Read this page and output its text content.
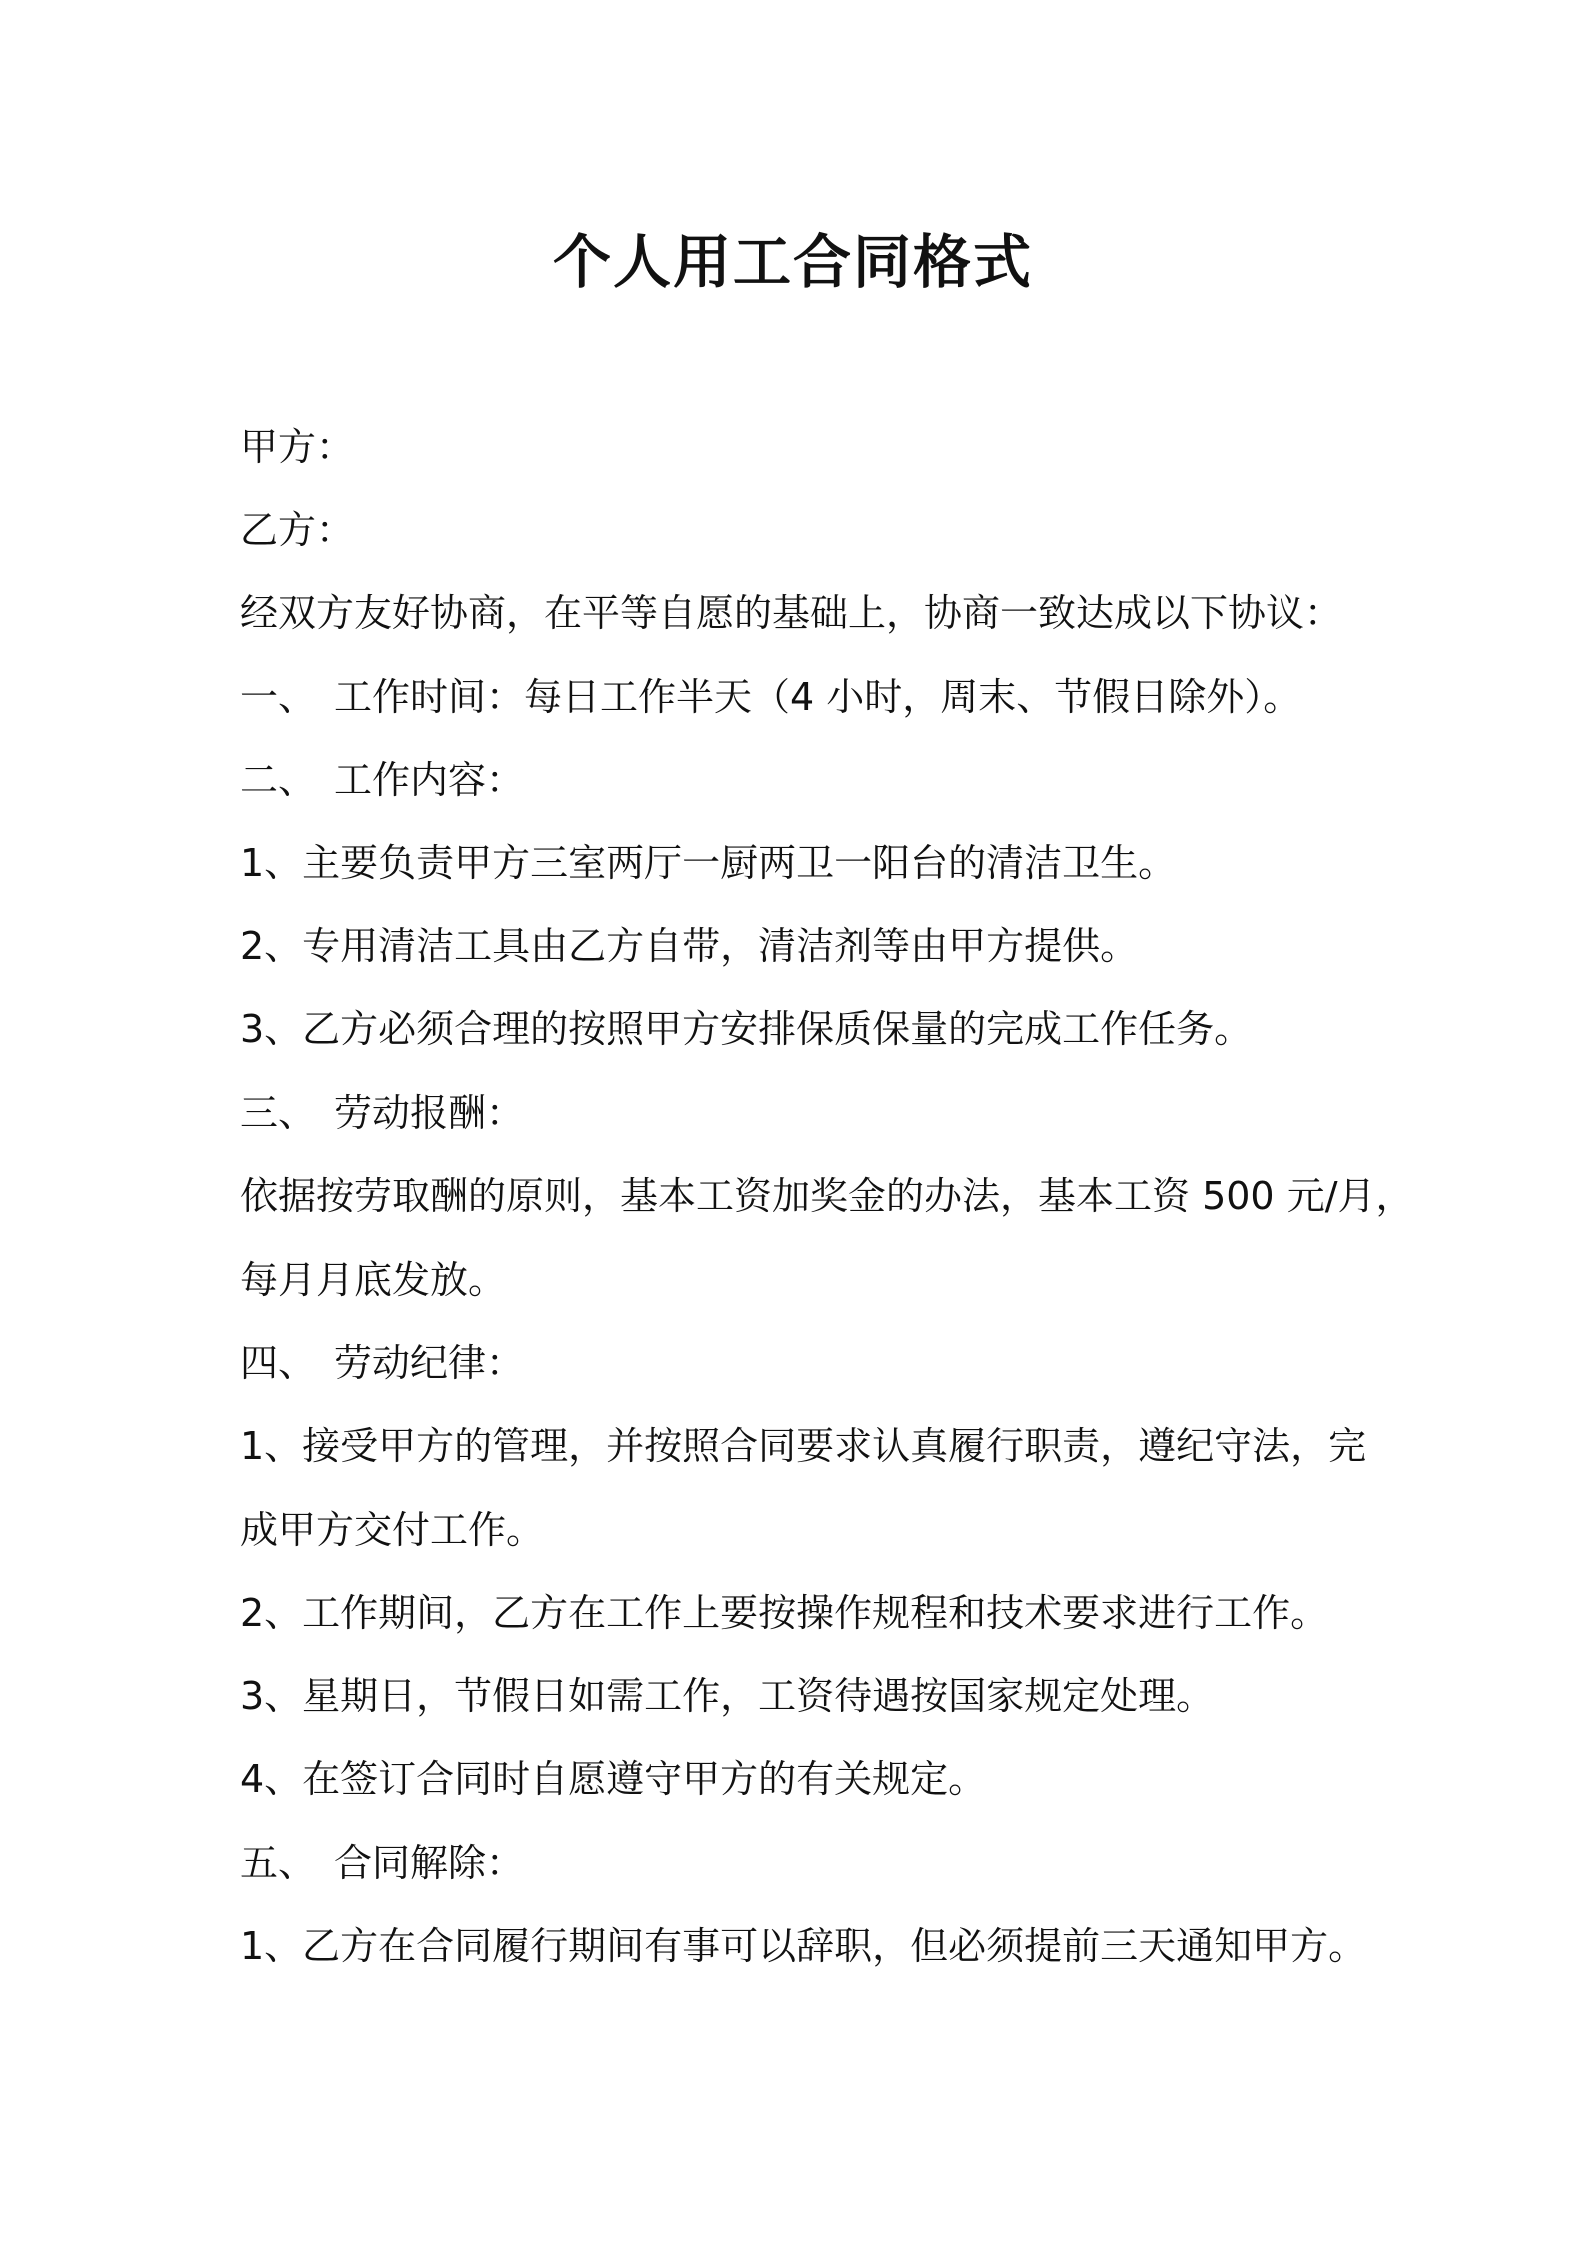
个人用工合同格式
甲方：
乙方：
经双方友好协商，在平等自愿的基础上，协商一致达成以下协议：
一、 工作时间：每日工作半天（4 小时，周末、节假日除外）。
二、 工作内容：
1、主要负责甲方三室两厅一厨两卫一阳台的清洁卫生。
2、专用清洁工具由乙方自带，清洁剂等由甲方提供。
3、乙方必须合理的按照甲方安排保质保量的完成工作任务。
三、 劳动报酬：
依据按劳取酬的原则，基本工资加奖金的办法，基本工资 500 元/月，
每月月底发放。
四、 劳动纪律：
1、接受甲方的管理，并按照合同要求认真履行职责，遵纪守法，完
成甲方交付工作。
2、工作期间，乙方在工作上要按操作规程和技术要求进行工作。
3、星期日，节假日如需工作，工资待遇按国家规定处理。
4、在签订合同时自愿遵守甲方的有关规定。
五、 合同解除：
1、乙方在合同履行期间有事可以辞职，但必须提前三天通知甲方。
